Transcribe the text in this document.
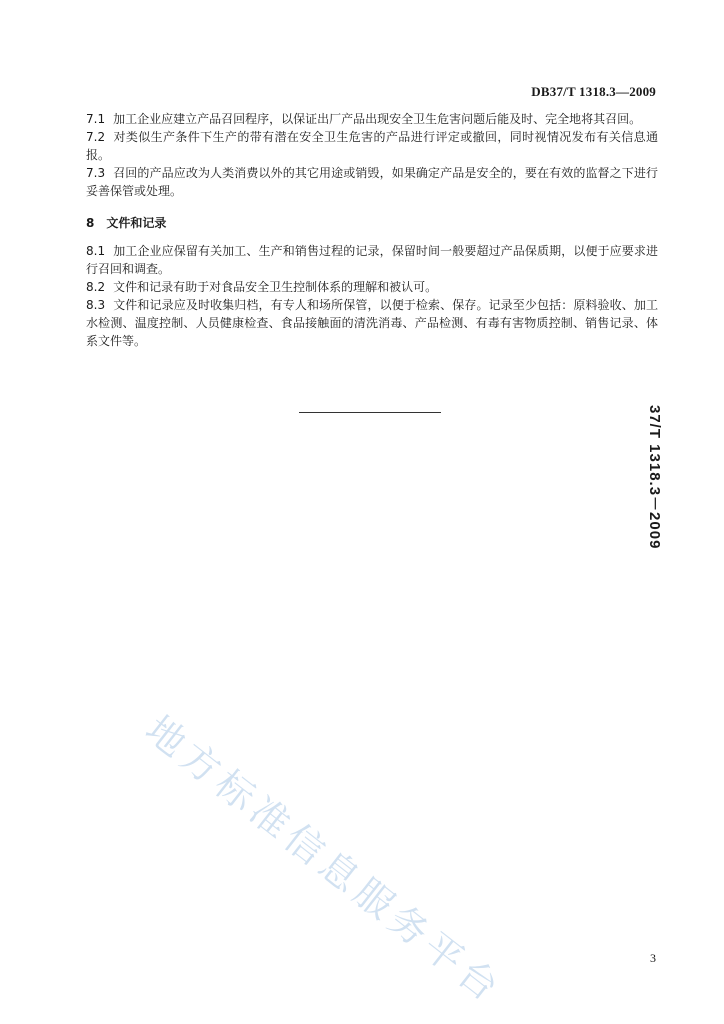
DB37/T 1318.3—2009

7.1 加工企业应建立产品召回程序，以保证出厂产品出现安全卫生危害问题后能及时、完全地将其召回。

7.2 对类似生产条件下生产的带有潜在安全卫生危害的产品进行评定或撤回，同时视情况发布有关信息通报。

7.3 召回的产品应改为人类消费以外的其它用途或销毁，如果确定产品是安全的，要在有效的监督之下进行妥善保管或处理。

8 文件和记录

8.1 加工企业应保留有关加工、生产和销售过程的记录，保留时间一般要超过产品保质期，以便于应要求进行召回和调查。

8.2 文件和记录有助于对食品安全卫生控制体系的理解和被认可。

8.3 文件和记录应及时收集归档，有专人和场所保管，以便于检索、保存。记录至少包括：原料验收、加工水检测、温度控制、人员健康检查、食品接触面的清洗消毒、产品检测、有毒有害物质控制、销售记录、体系文件等。

37/T 1318.3－2009
地方标准信息服务平台	3
